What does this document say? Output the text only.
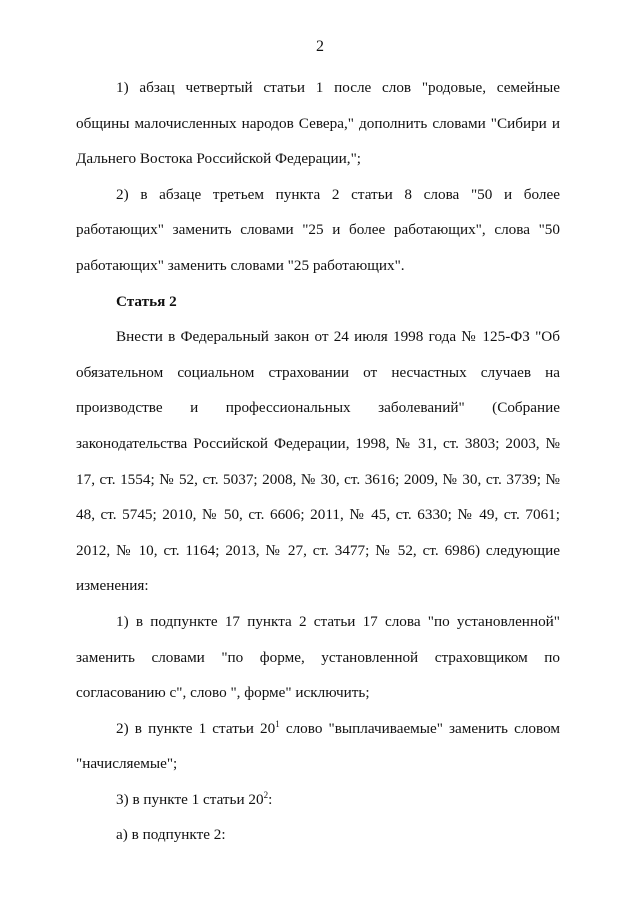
2

1) абзац четвертый статьи 1 после слов "родовые, семейные общины малочисленных народов Севера," дополнить словами "Сибири и Дальнего Востока Российской Федерации,";

2) в абзаце третьем пункта 2 статьи 8 слова "50 и более работающих" заменить словами "25 и более работающих", слова "50 работающих" заменить словами "25 работающих".

Статья 2

Внести в Федеральный закон от 24 июля 1998 года № 125-ФЗ "Об обязательном социальном страховании от несчастных случаев на производстве и профессиональных заболеваний" (Собрание законодательства Российской Федерации, 1998, № 31, ст. 3803; 2003, № 17, ст. 1554; № 52, ст. 5037; 2008, № 30, ст. 3616; 2009, № 30, ст. 3739; № 48, ст. 5745; 2010, № 50, ст. 6606; 2011, № 45, ст. 6330; № 49, ст. 7061; 2012, № 10, ст. 1164; 2013, № 27, ст. 3477; № 52, ст. 6986) следующие изменения:

1) в подпункте 17 пункта 2 статьи 17 слова "по установленной" заменить словами "по форме, установленной страховщиком по согласованию с", слово ", форме" исключить;

2) в пункте 1 статьи $20^1$ слово "выплачиваемые" заменить словом "начисляемые";

3) в пункте 1 статьи $20^2$:

а) в подпункте 2:
